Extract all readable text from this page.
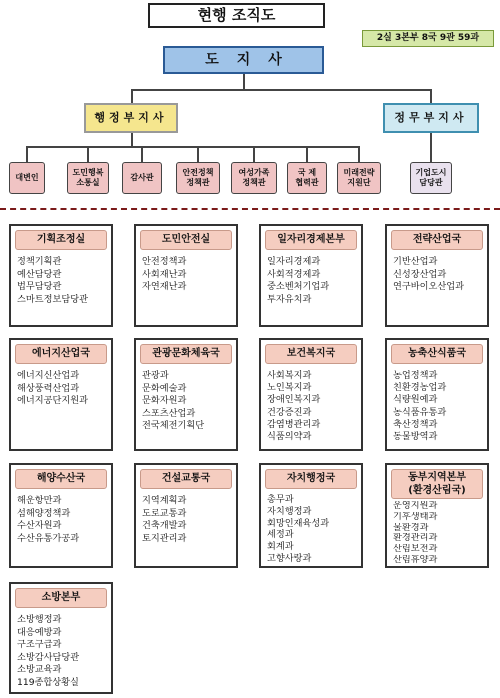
현행 조직도
2실 3본부 8국 9관 59과
도지사
행정부지사	정무부지사
대변인
도민행복
소통실
감사관
안전정책
정책관
여성가족
정책관
국 제
협력관
미래전략
지원단
기업도시
담당관
기획조정실
정책기획관
예산담당관
법무담당관
스마트정보담당관
도민안전실
안전정책과
사회재난과
자연재난과
일자리경제본부
일자리경제과
사회적경제과
중소벤처기업과
투자유치과
전략산업국
기반산업과
신성장산업과
연구바이오산업과
에너지산업국
에너지신산업과
해상풍력산업과
에너지공단지원과
관광문화체육국
관광과
문화예술과
문화자원과
스포츠산업과
전국체전기획단
보건복지국
사회복지과
노인복지과
장애인복지과
건강증진과
감염병관리과
식품의약과
농축산식품국
농업정책과
친환경농업과
식량원예과
농식품유통과
축산정책과
동물방역과
해양수산국
해운항만과
섬해양정책과
수산자원과
수산유통가공과
건설교통국
지역계획과
도로교통과
건축개발과
토지관리과
자치행정국
총무과
자치행정과
회망인재육성과
세정과
회계과
고향사랑과
동부지역본부
(환경산림국)
운영지원과
기후생태과
물환경과
환경관리과
산림보전과
산림휴양과
소방본부
소방행정과
대응예방과
구조구급과
소방감사담당관
소방교육과
119종합상황실
